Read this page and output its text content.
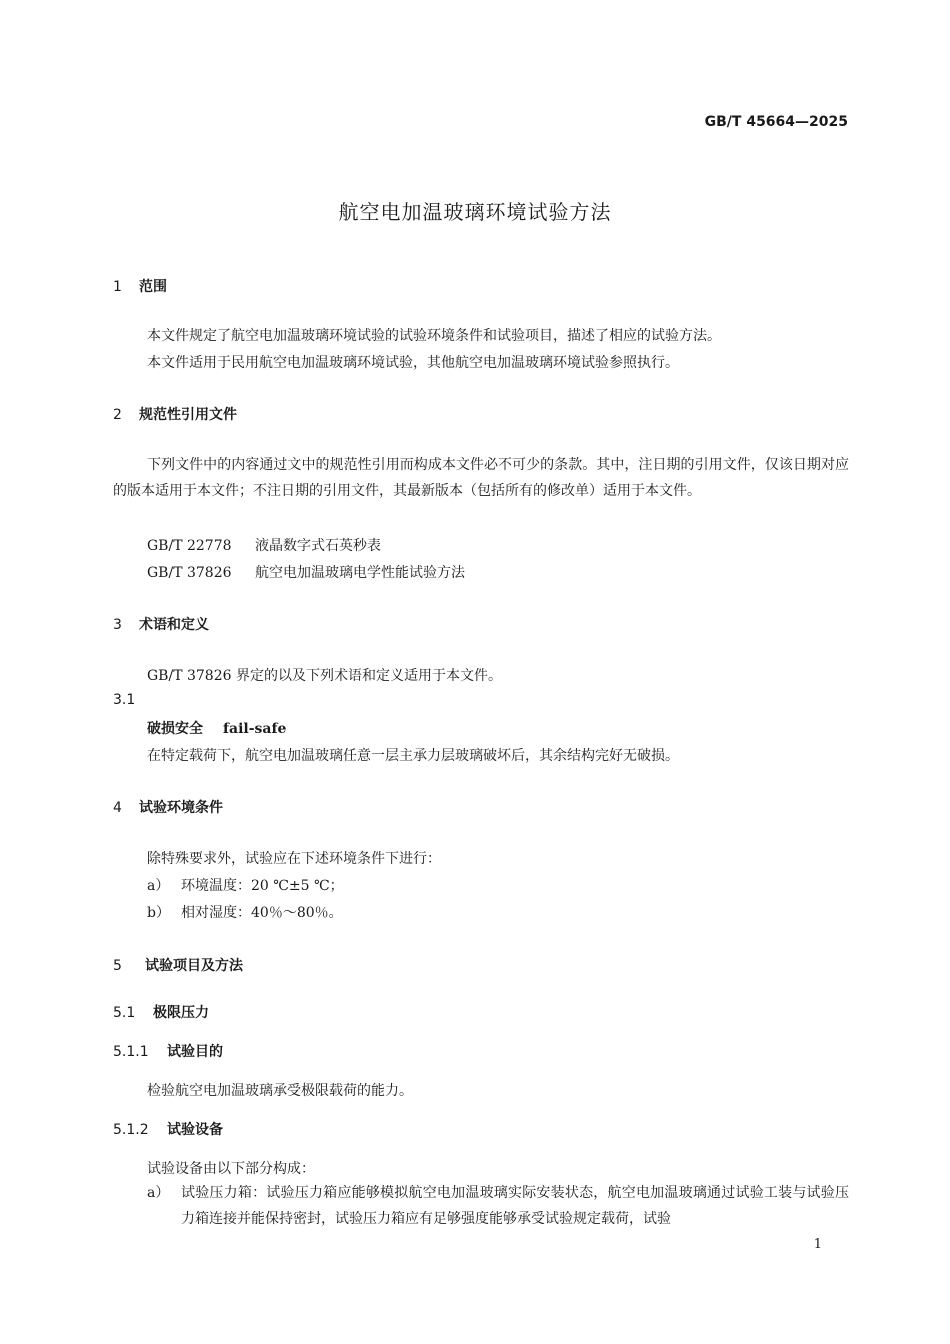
GB/T 45664—2025
航空电加温玻璃环境试验方法
1 范围
本文件规定了航空电加温玻璃环境试验的试验环境条件和试验项目，描述了相应的试验方法。
本文件适用于民用航空电加温玻璃环境试验，其他航空电加温玻璃环境试验参照执行。
2 规范性引用文件
下列文件中的内容通过文中的规范性引用而构成本文件必不可少的条款。其中，注日期的引用文件，仅该日期对应的版本适用于本文件；不注日期的引用文件，其最新版本（包括所有的修改单）适用于本文件。
GB/T 22778 液晶数字式石英秒表
GB/T 37826 航空电加温玻璃电学性能试验方法
3 术语和定义
GB/T 37826 界定的以及下列术语和定义适用于本文件。
3.1
破损安全 fail-safe
在特定载荷下，航空电加温玻璃任意一层主承力层玻璃破坏后，其余结构完好无破损。
4 试验环境条件
除特殊要求外，试验应在下述环境条件下进行：
a） 环境温度：20 ℃±5 ℃；
b） 相对湿度：40％～80％。
5 试验项目及方法
5.1 极限压力
5.1.1 试验目的
检验航空电加温玻璃承受极限载荷的能力。
5.1.2 试验设备
试验设备由以下部分构成：
a） 试验压力箱：试验压力箱应能够模拟航空电加温玻璃实际安装状态，航空电加温玻璃通过试验工装与试验压力箱连接并能保持密封，试验压力箱应有足够强度能够承受试验规定载荷，试验
1
